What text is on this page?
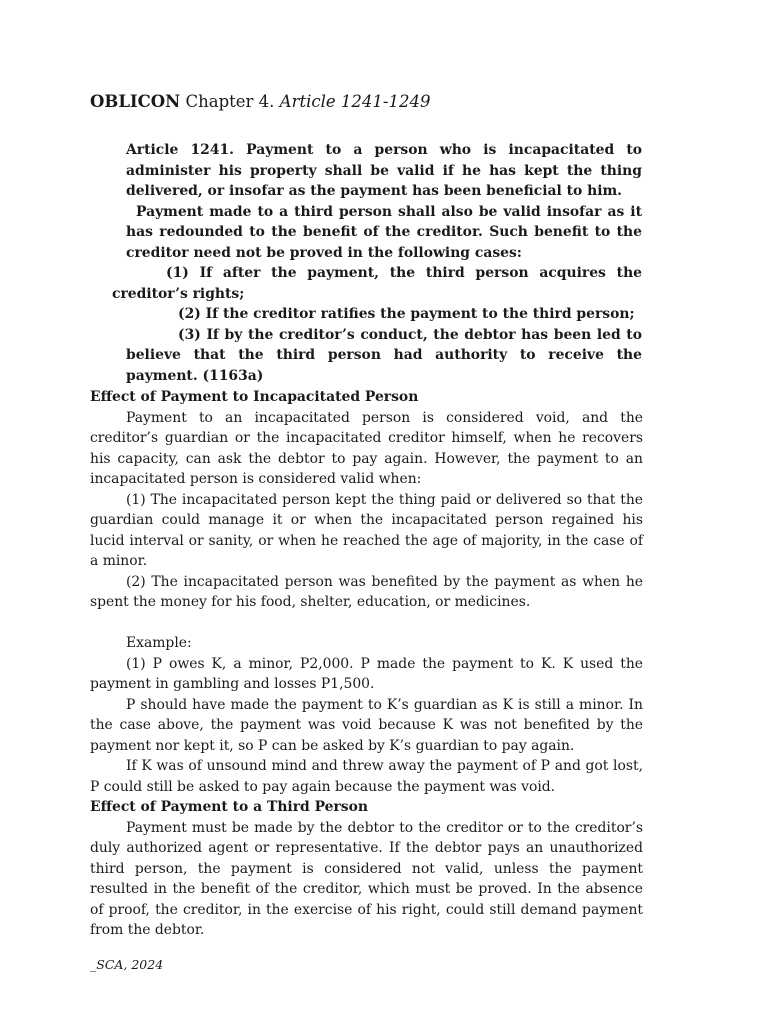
OBLICON Chapter 4. Article 1241-1249

Article 1241. Payment to a person who is incapacitated to administer his property shall be valid if he has kept the thing delivered, or insofar as the payment has been beneficial to him.

Payment made to a third person shall also be valid insofar as it has redounded to the benefit of the creditor. Such benefit to the creditor need not be proved in the following cases:

(1) If after the payment, the third person acquires the creditor’s rights;

(2) If the creditor ratifies the payment to the third person;

(3) If by the creditor’s conduct, the debtor has been led to believe that the third person had authority to receive the payment. (1163a)

Effect of Payment to Incapacitated Person

Payment to an incapacitated person is considered void, and the creditor’s guardian or the incapacitated creditor himself, when he recovers his capacity, can ask the debtor to pay again. However, the payment to an incapacitated person is considered valid when:

(1) The incapacitated person kept the thing paid or delivered so that the guardian could manage it or when the incapacitated person regained his lucid interval or sanity, or when he reached the age of majority, in the case of a minor.

(2) The incapacitated person was benefited by the payment as when he spent the money for his food, shelter, education, or medicines.

Example:

(1) P owes K, a minor, P2,000. P made the payment to K. K used the payment in gambling and losses P1,500.

P should have made the payment to K’s guardian as K is still a minor. In the case above, the payment was void because K was not benefited by the payment nor kept it, so P can be asked by K’s guardian to pay again.

If K was of unsound mind and threw away the payment of P and got lost, P could still be asked to pay again because the payment was void.

Effect of Payment to a Third Person

Payment must be made by the debtor to the creditor or to the creditor’s duly authorized agent or representative. If the debtor pays an unauthorized third person, the payment is considered not valid, unless the payment resulted in the benefit of the creditor, which must be proved. In the absence of proof, the creditor, in the exercise of his right, could still demand payment from the debtor.

_SCA, 2024
